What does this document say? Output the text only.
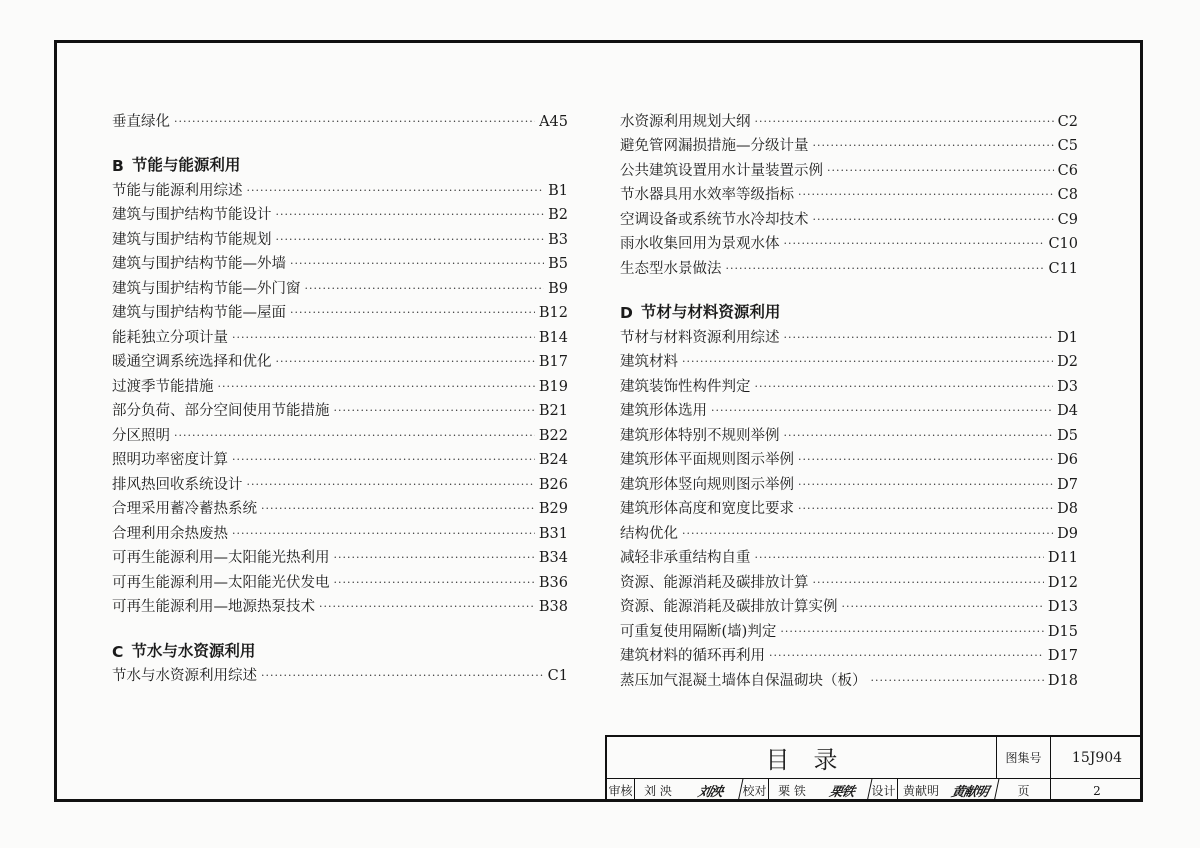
垂直绿化 ·····	A45
B 节能与能源利用
节能与能源利用综述 ·····	B1
建筑与围护结构节能设计 ·····	B2
建筑与围护结构节能规划 ·····	B3
建筑与围护结构节能—外墙 ·····	B5
建筑与围护结构节能—外门窗 ·····	B9
建筑与围护结构节能—屋面 ·····	B12
能耗独立分项计量 ·····	B14
暖通空调系统选择和优化 ·····	B17
过渡季节能措施 ·····	B19
部分负荷、部分空间使用节能措施 ·····	B21
分区照明 ·····	B22
照明功率密度计算 ·····	B24
排风热回收系统设计 ·····	B26
合理采用蓄冷蓄热系统 ·····	B29
合理利用余热废热 ·····	B31
可再生能源利用—太阳能光热利用 ·····	B34
可再生能源利用—太阳能光伏发电 ·····	B36
可再生能源利用—地源热泵技术 ·····	B38
C 节水与水资源利用
节水与水资源利用综述 ·····	C1
水资源利用规划大纲 ·····	C2
避免管网漏损措施—分级计量 ·····	C5
公共建筑设置用水计量装置示例 ·····	C6
节水器具用水效率等级指标 ·····	C8
空调设备或系统节水冷却技术 ·····	C9
雨水收集回用为景观水体 ·····	C10
生态型水景做法 ·····	C11
D 节材与材料资源利用
节材与材料资源利用综述 ·····	D1
建筑材料 ·····	D2
建筑装饰性构件判定 ·····	D3
建筑形体选用 ·····	D4
建筑形体特别不规则举例 ·····	D5
建筑形体平面规则图示举例 ·····	D6
建筑形体竖向规则图示举例 ·····	D7
建筑形体高度和宽度比要求 ·····	D8
结构优化 ·····	D9
减轻非承重结构自重 ·····	D11
资源、能源消耗及碳排放计算 ·····	D12
资源、能源消耗及碳排放计算实例 ·····	D13
可重复使用隔断(墙)判定 ·····	D15
建筑材料的循环再利用 ·····	D17
蒸压加气混凝土墙体自保温砌块（板） ·····	D18
目录	图集号	15J904
审核 刘 泱	刘泱	校对 栗 铁	栗铁	设计 黄献明 黄献明	页	2
